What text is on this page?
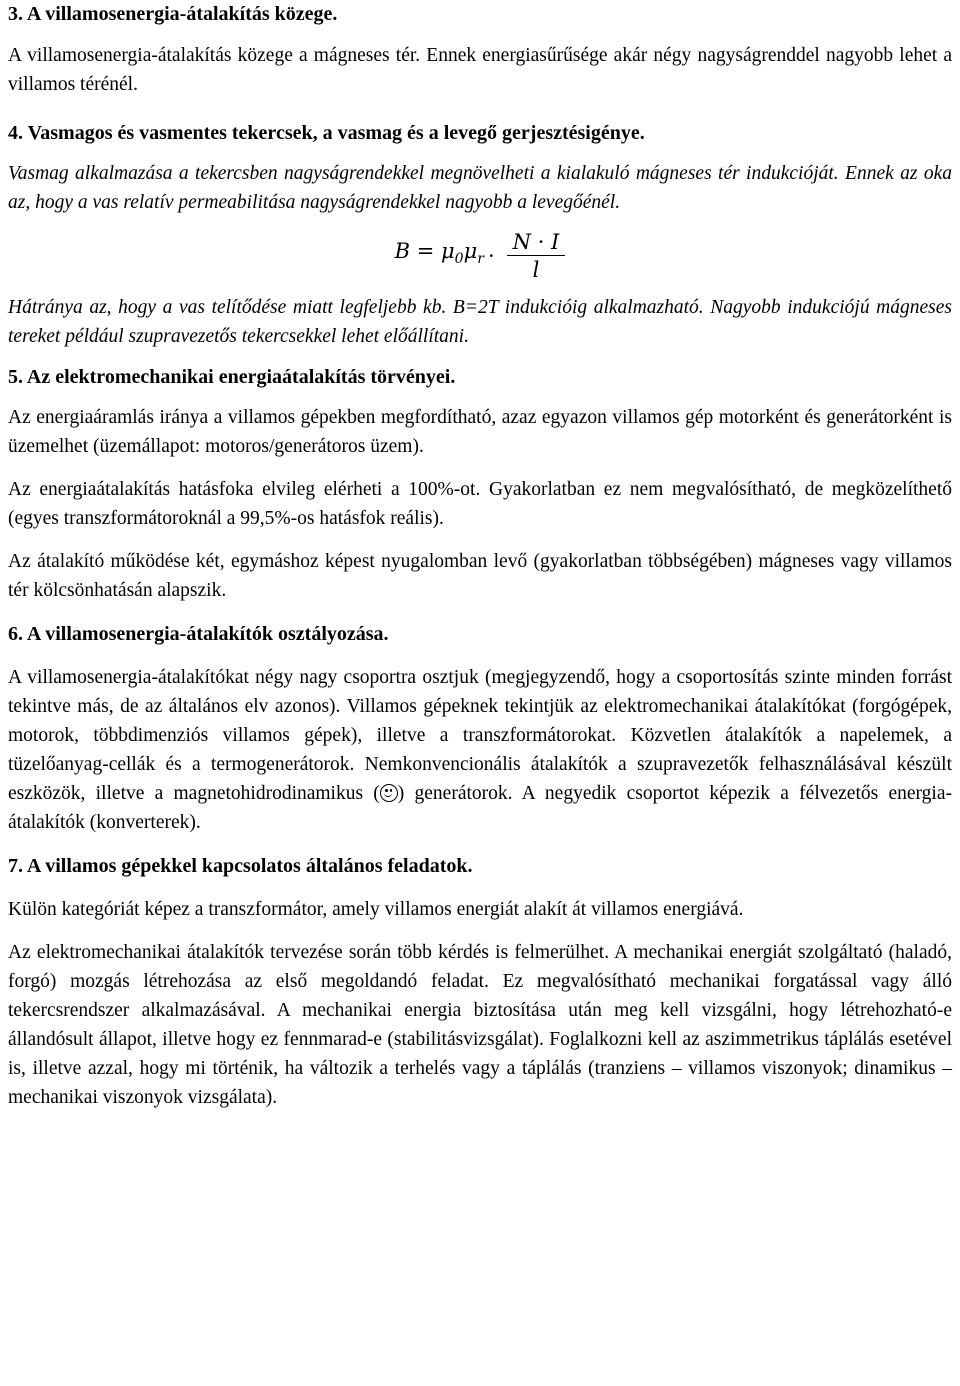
3. A villamosenergia-átalakítás közege.

A villamosenergia-átalakítás közege a mágneses tér. Ennek energiasűrűsége akár négy nagyságrenddel nagyobb lehet a villamos térénél.

4. Vasmagos és vasmentes tekercsek, a vasmag és a levegő gerjesztésigénye.

Vasmag alkalmazása a tekercsben nagyságrendekkel megnövelheti a kialakuló mágneses tér indukcióját. Ennek az oka az, hogy a vas relatív permeabilitása nagyságrendekkel nagyobb a levegőénél.

$B = \mu_0\mu_r \cdot \frac{N \cdot I}{l}$

Hátránya az, hogy a vas telítődése miatt legfeljebb kb. B=2T indukcióig alkalmazható. Nagyobb indukciójú mágneses tereket például szupravezetős tekercsekkel lehet előállítani.

5. Az elektromechanikai energiaátalakítás törvényei.

Az energiaáramlás iránya a villamos gépekben megfordítható, azaz egyazon villamos gép motorként és generátorként is üzemelhet (üzemállapot: motoros/generátoros üzem).

Az energiaátalakítás hatásfoka elvileg elérheti a 100%-ot. Gyakorlatban ez nem megvalósítható, de megközelíthető (egyes transzformátoroknál a 99,5%-os hatásfok reális).

Az átalakító működése két, egymáshoz képest nyugalomban levő (gyakorlatban többségében) mágneses vagy villamos tér kölcsönhatásán alapszik.

6. A villamosenergia-átalakítók osztályozása.

A villamosenergia-átalakítókat négy nagy csoportra osztjuk (megjegyzendő, hogy a csoportosítás szinte minden forrást tekintve más, de az általános elv azonos). Villamos gépeknek tekintjük az elektromechanikai átalakítókat (forgógépek, motorok, többdimenziós villamos gépek), illetve a transzformátorokat. Közvetlen átalakítók a napelemek, a tüzelőanyag-cellák és a termogenerátorok. Nemkonvencionális átalakítók a szupravezetők felhasználásával készült eszközök, illetve a magnetohidrodinamikus ( ) generátorok. A negyedik csoportot képezik a félvezetős energia-átalakítók (konverterek).

7. A villamos gépekkel kapcsolatos általános feladatok.

Külön kategóriát képez a transzformátor, amely villamos energiát alakít át villamos energiává.

Az elektromechanikai átalakítók tervezése során több kérdés is felmerülhet. A mechanikai energiát szolgáltató (haladó, forgó) mozgás létrehozása az első megoldandó feladat. Ez megvalósítható mechanikai forgatással vagy álló tekercsrendszer alkalmazásával. A mechanikai energia biztosítása után meg kell vizsgálni, hogy létrehozható-e állandósult állapot, illetve hogy ez fennmarad-e (stabilitásvizsgálat). Foglalkozni kell az aszimmetrikus táplálás esetével is, illetve azzal, hogy mi történik, ha változik a terhelés vagy a táplálás (tranziens – villamos viszonyok; dinamikus – mechanikai viszonyok vizsgálata).
